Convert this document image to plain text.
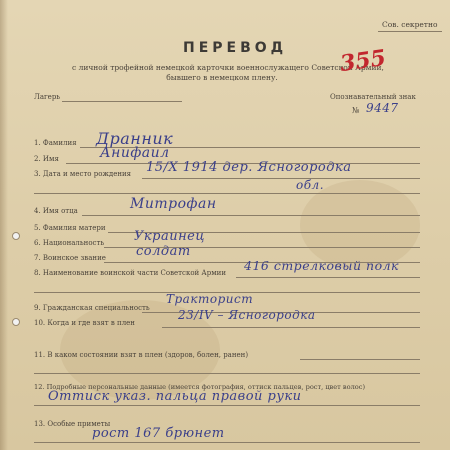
Сов. секретно
ПЕРЕВОД
с личной трофейной немецкой карточки военнослужащего Советской Армии,
бывшего в немецком плену.
355
Лагерь	Опознавательный знак
№ 9447
1. Фамилия Дранник
2. Имя	Анифаил
3. Дата и место рождения 15/Х 1914 дер. Ясногородка
обл.
4. Имя отца	Митрофан
5. Фамилия матери
6. Национальность Украинец
7. Воинское звание солдат
8. Наименование воинской части Советской Армии 416 стрелковый полк
9. Гражданская специальность
Тракторист
10. Когда и где взят в плен
23/IV – Ясногородка
11. В каком состоянии взят в плен (здоров, болен, ранен)
12. Подробные персональные данные (имеется фотография, оттиск пальцев, рост, цвет волос)
Оттиск указ. пальца правой руки
13. Особые приметы
рост 167 брюнет
